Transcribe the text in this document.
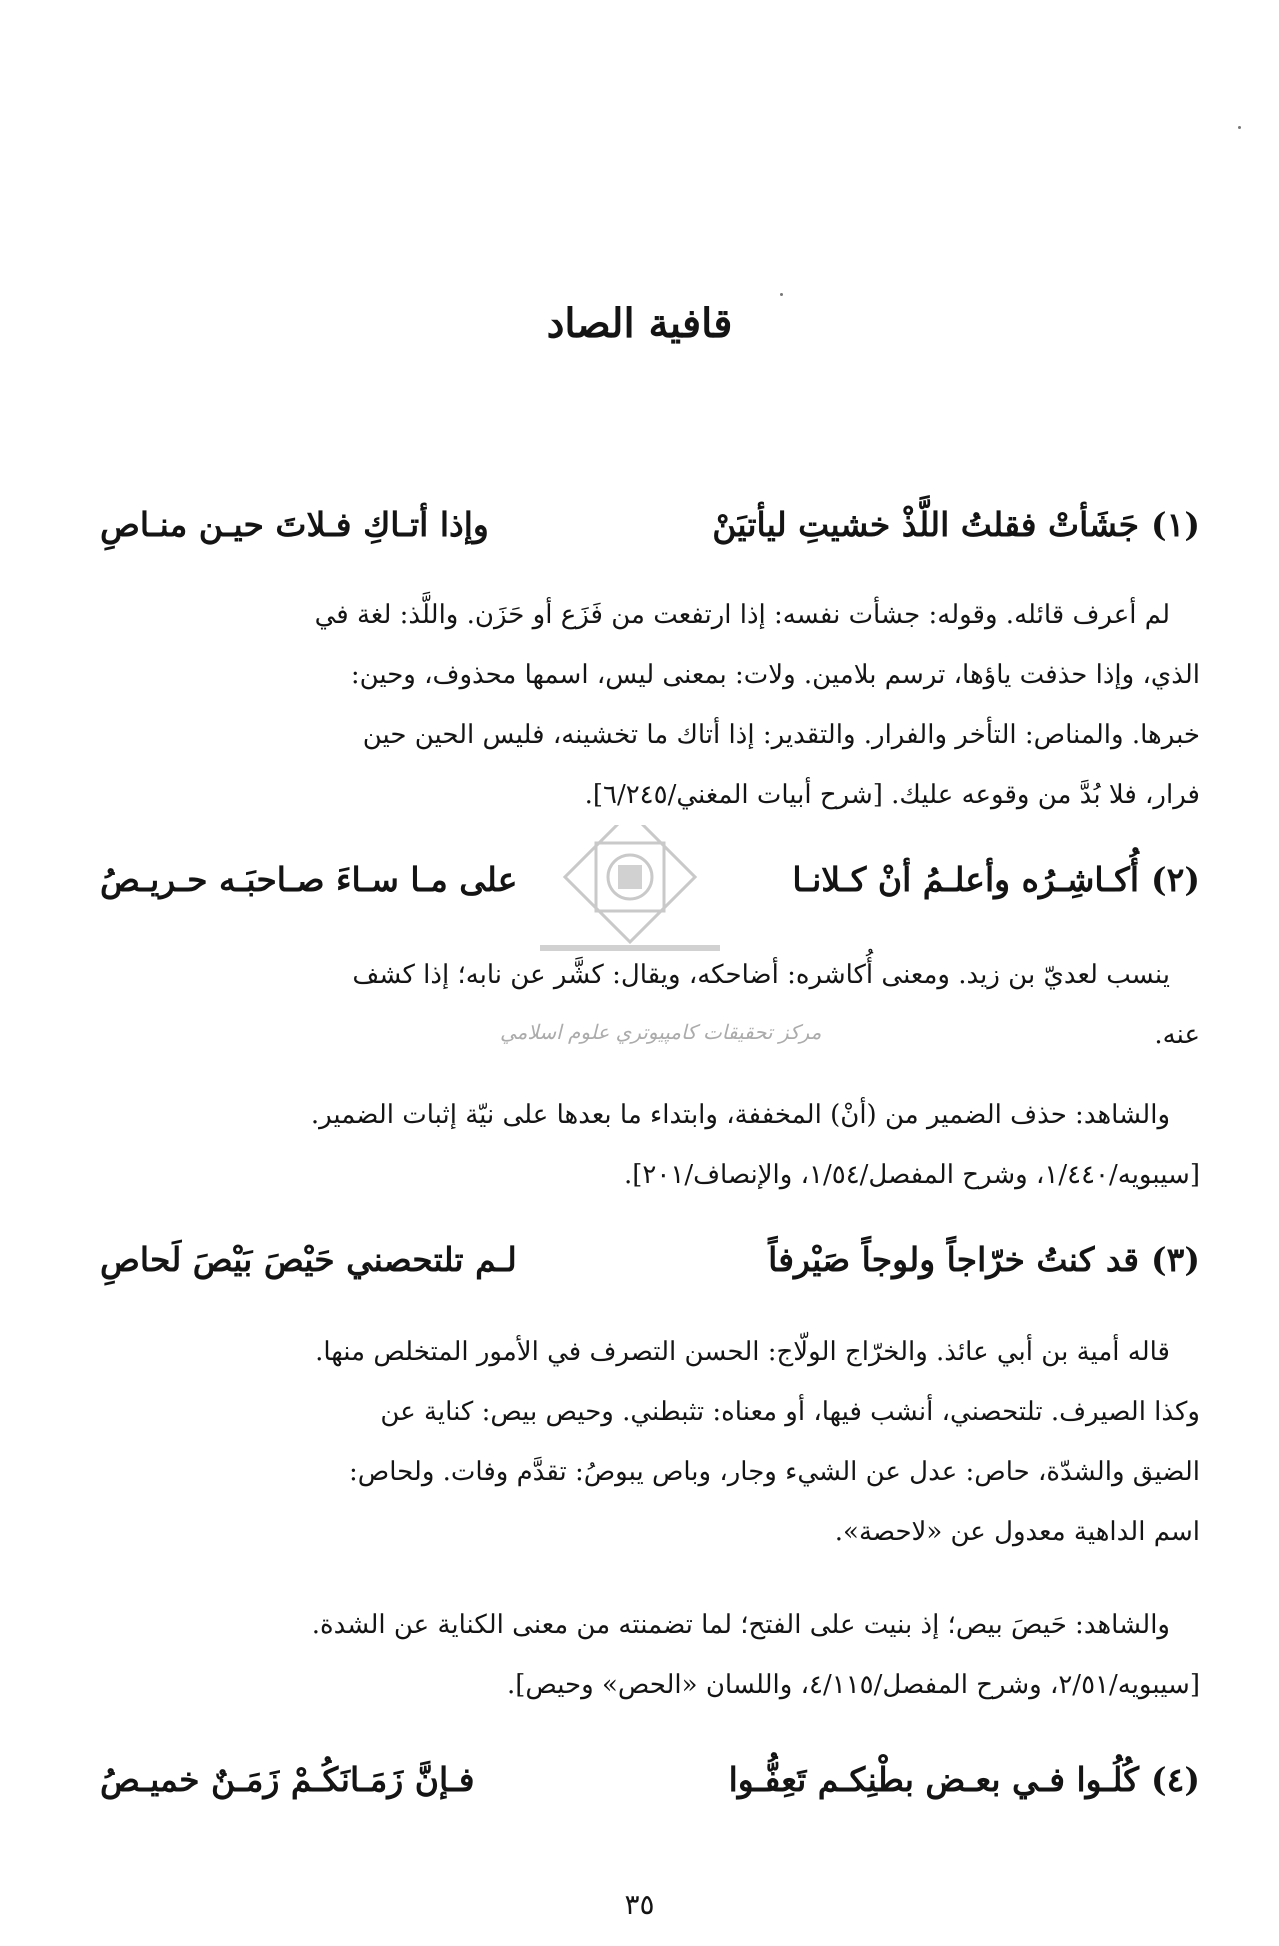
قافية الصاد
(١)
جَشَأتْ فقلتُ اللَّذْ خشيتِ ليأتيَنْ
وإذا أتـاكِ فـلاتَ حيـن منـاصِ
لم أعرف قائله. وقوله: جشأت نفسه: إذا ارتفعت من فَزَع أو حَزَن. واللَّذ: لغة في
الذي، وإذا حذفت ياؤها، ترسم بلامين. ولات: بمعنى ليس، اسمها محذوف، وحين:
خبرها. والمناص: التأخر والفرار. والتقدير: إذا أتاك ما تخشينه، فليس الحين حين
فرار، فلا بُدَّ من وقوعه عليك. [شرح أبيات المغني/٦/٢٤٥].
(٢)
أُكـاشِـرُه وأعلـمُ أنْ كـلانـا
على مـا سـاءَ صـاحبَـه حـريـصُ
ينسب لعديّ بن زيد. ومعنى أُكاشره: أضاحكه، ويقال: كشَّر عن نابه؛ إذا كشف
عنه.
والشاهد: حذف الضمير من (أنْ) المخففة، وابتداء ما بعدها على نيّة إثبات الضمير.
[سيبويه/١/٤٤٠، وشرح المفصل/١/٥٤، والإنصاف/٢٠١].
(٣)
قد كنتُ خرّاجاً ولوجاً صَيْرفاً
لـم تلتحصني حَيْصَ بَيْصَ لَحاصِ
قاله أمية بن أبي عائذ. والخرّاج الولّاج: الحسن التصرف في الأمور المتخلص منها.
وكذا الصيرف. تلتحصني، أنشب فيها، أو معناه: تثبطني. وحيص بيص: كناية عن
الضيق والشدّة، حاص: عدل عن الشيء وجار، وباص يبوصُ: تقدَّم وفات. ولحاص:
اسم الداهية معدول عن «لاحصة».
والشاهد: حَيصَ بيص؛ إذ بنيت على الفتح؛ لما تضمنته من معنى الكناية عن الشدة.
[سيبويه/٢/٥١، وشرح المفصل/٤/١١٥، واللسان «الحص» وحيص].
(٤)
كُلُـوا فـي بعـض بطْنِكـم تَعِفُّـوا
فـإنَّ زَمَـانَكُـمْ زَمَـنٌ خميـصُ
مركز تحقيقات كامپيوتري علوم اسلامي
٣٥
